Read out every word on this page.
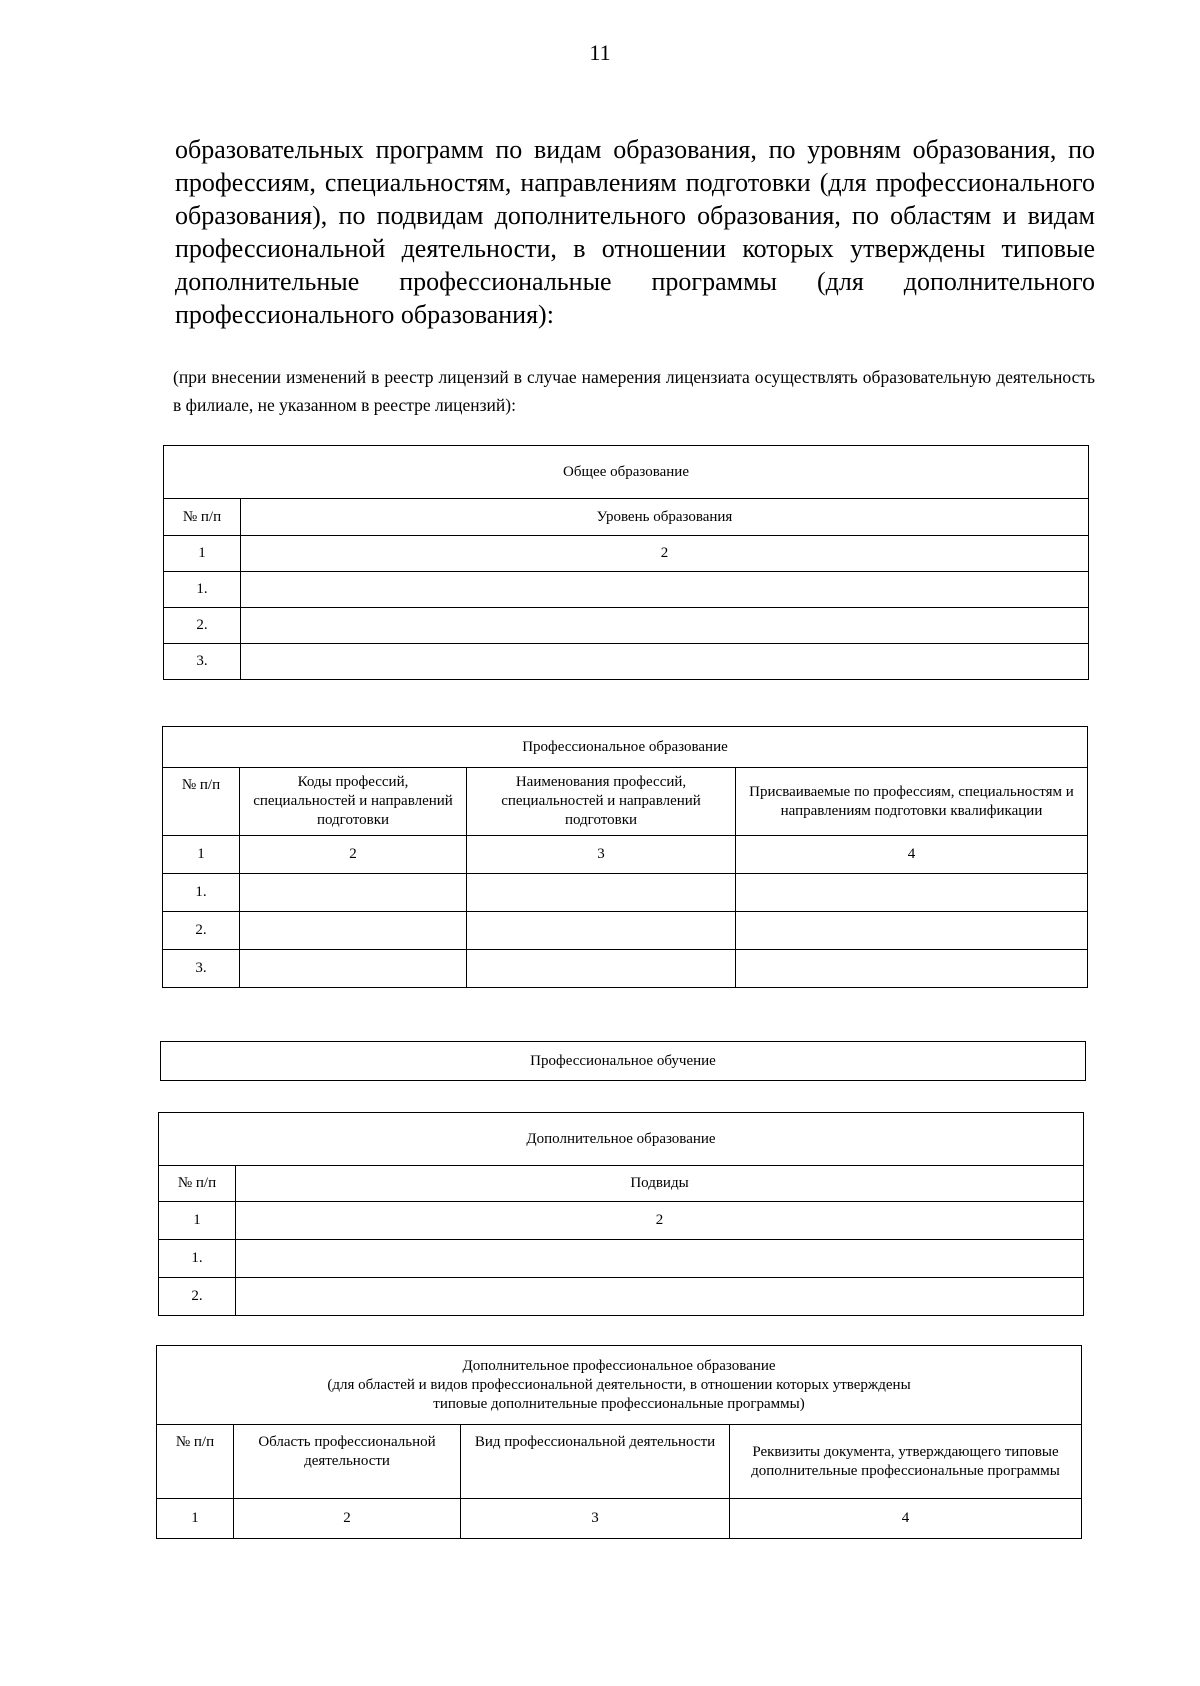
11
образовательных программ по видам образования, по уровням образования, по профессиям, специальностям, направлениям подготовки (для профессионального образования), по подвидам дополнительного образования, по областям и видам профессиональной деятельности, в отношении которых утверждены типовые дополнительные профессиональные программы (для дополнительного профессионального образования):
(при внесении изменений в реестр лицензий в случае намерения лицензиата осуществлять образовательную деятельность в филиале, не указанном в реестре лицензий):
Общее образование	
№ п/п	Уровень образования
1	2
1.	
2.	
3.	
Профессиональное образование			
№ п/п	Коды профессий, специальностей и направлений подготовки	Наименования профессий, специальностей и направлений подготовки	Присваиваемые по профессиям, специальностям и направлениям подготовки квалификации
1	2	3	4
1.			
2.			
3.			
Профессиональное обучение
Дополнительное образование	
№ п/п	Подвиды
1	2
1.	
2.	
Дополнительное профессиональное образование
(для областей и видов профессиональной деятельности, в отношении которых утверждены
типовые дополнительные профессиональные программы)			

№ п/п	Область профессиональной деятельности	Вид профессиональной деятельности	Реквизиты документа, утверждающего типовые дополнительные профессиональные программы
1	2	3	4
